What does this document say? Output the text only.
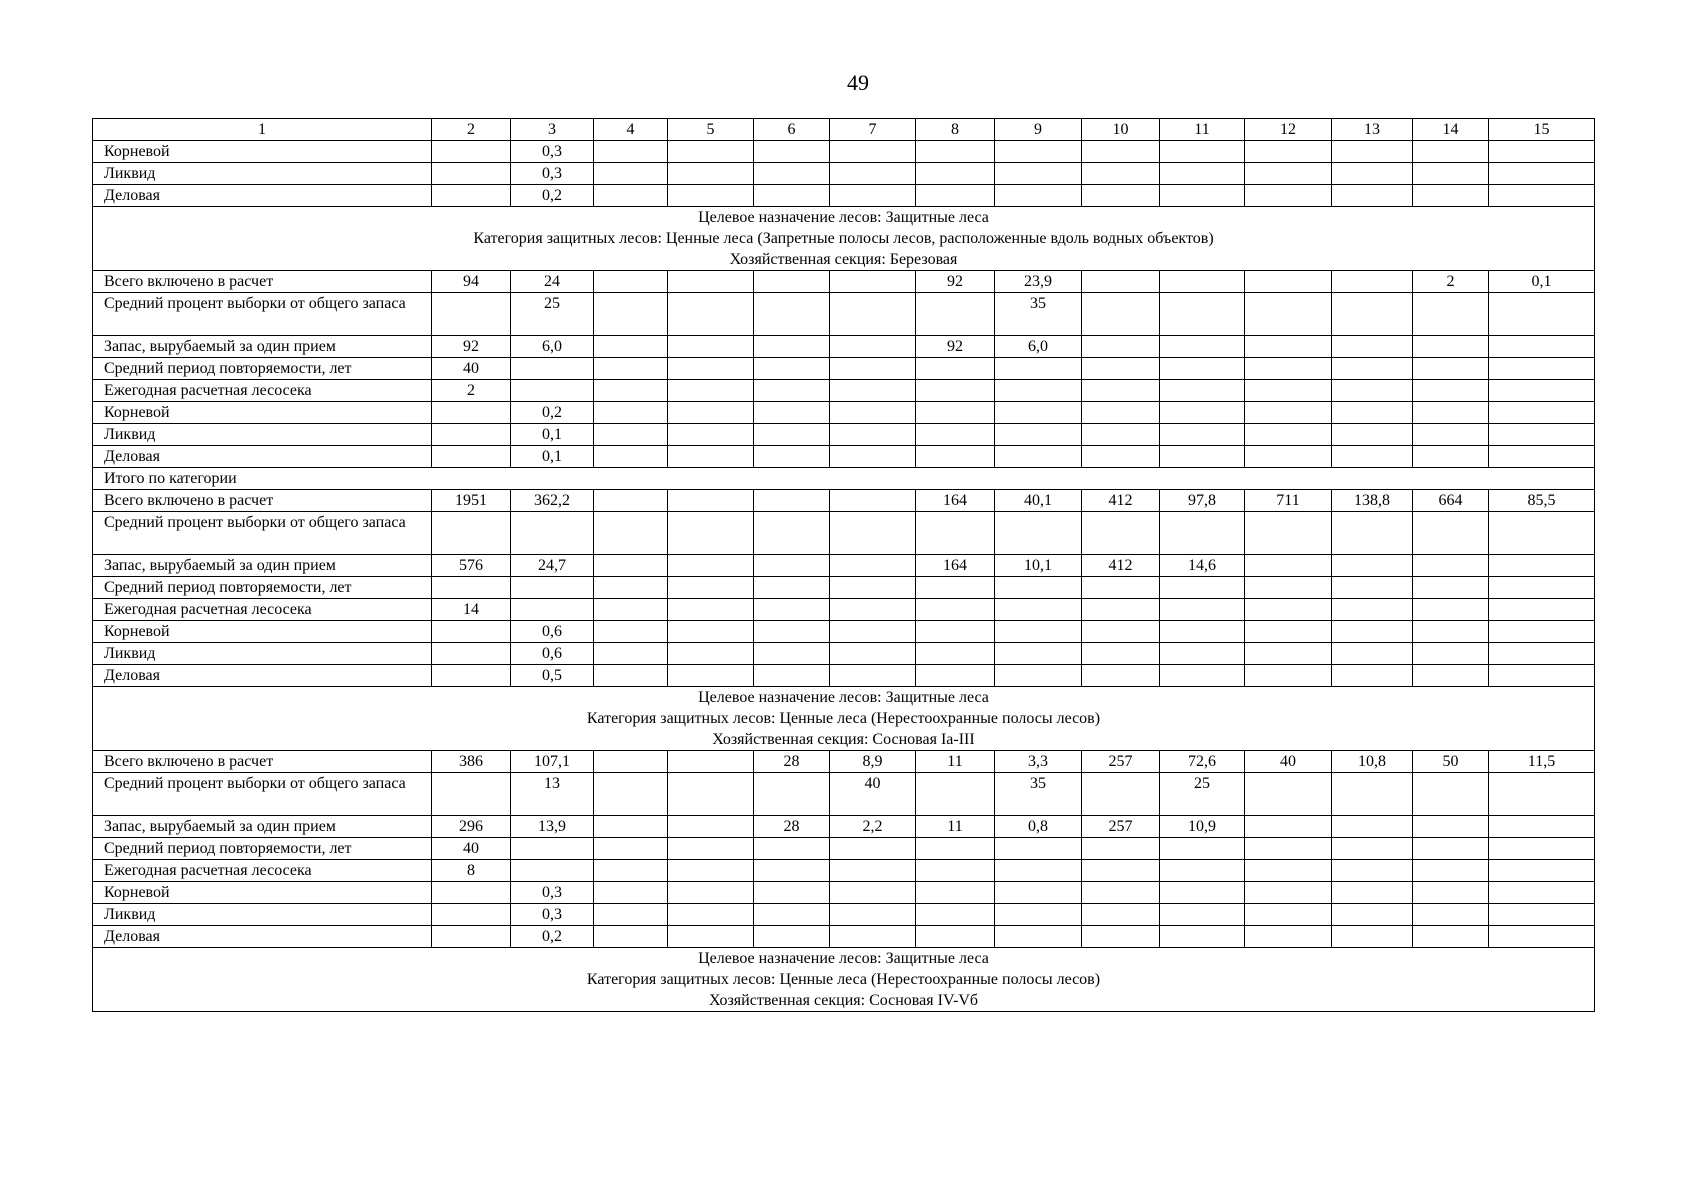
49
1	2	3	4	5	6	7	8	9	10	11	12	13	14	15
Корневой		0,3												
Ликвид		0,3												
Деловая		0,2												

Целевое назначение лесов: Защитные леса
Категория защитных лесов: Ценные леса (Запретные полосы лесов, расположенные вдоль водных объектов)
Хозяйственная секция: Березовая														

Всего включено в расчет	94	24					92	23,9					2	0,1
Средний процент выборки от общего запаса		25						35						
Запас, вырубаемый за один прием	92	6,0					92	6,0						
Средний период повторяемости, лет	40													
Ежегодная расчетная лесосека	2													
Корневой		0,2												
Ликвид		0,1												
Деловая		0,1												
Итого по категории														
Всего включено в расчет	1951	362,2					164	40,1	412	97,8	711	138,8	664	85,5
Средний процент выборки от общего запаса														
Запас, вырубаемый за один прием	576	24,7					164	10,1	412	14,6				
Средний период повторяемости, лет														
Ежегодная расчетная лесосека	14													
Корневой		0,6												
Ликвид		0,6												
Деловая		0,5												

Целевое назначение лесов: Защитные леса
Категория защитных лесов: Ценные леса (Нерестоохранные полосы лесов)
Хозяйственная секция: Сосновая Ia-III														

Всего включено в расчет	386	107,1			28	8,9	11	3,3	257	72,6	40	10,8	50	11,5
Средний процент выборки от общего запаса		13				40		35		25				
Запас, вырубаемый за один прием	296	13,9			28	2,2	11	0,8	257	10,9				
Средний период повторяемости, лет	40													
Ежегодная расчетная лесосека	8													
Корневой		0,3												
Ликвид		0,3												
Деловая		0,2												

Целевое назначение лесов: Защитные леса
Категория защитных лесов: Ценные леса (Нерестоохранные полосы лесов)
Хозяйственная секция: Сосновая IV-Vб														
